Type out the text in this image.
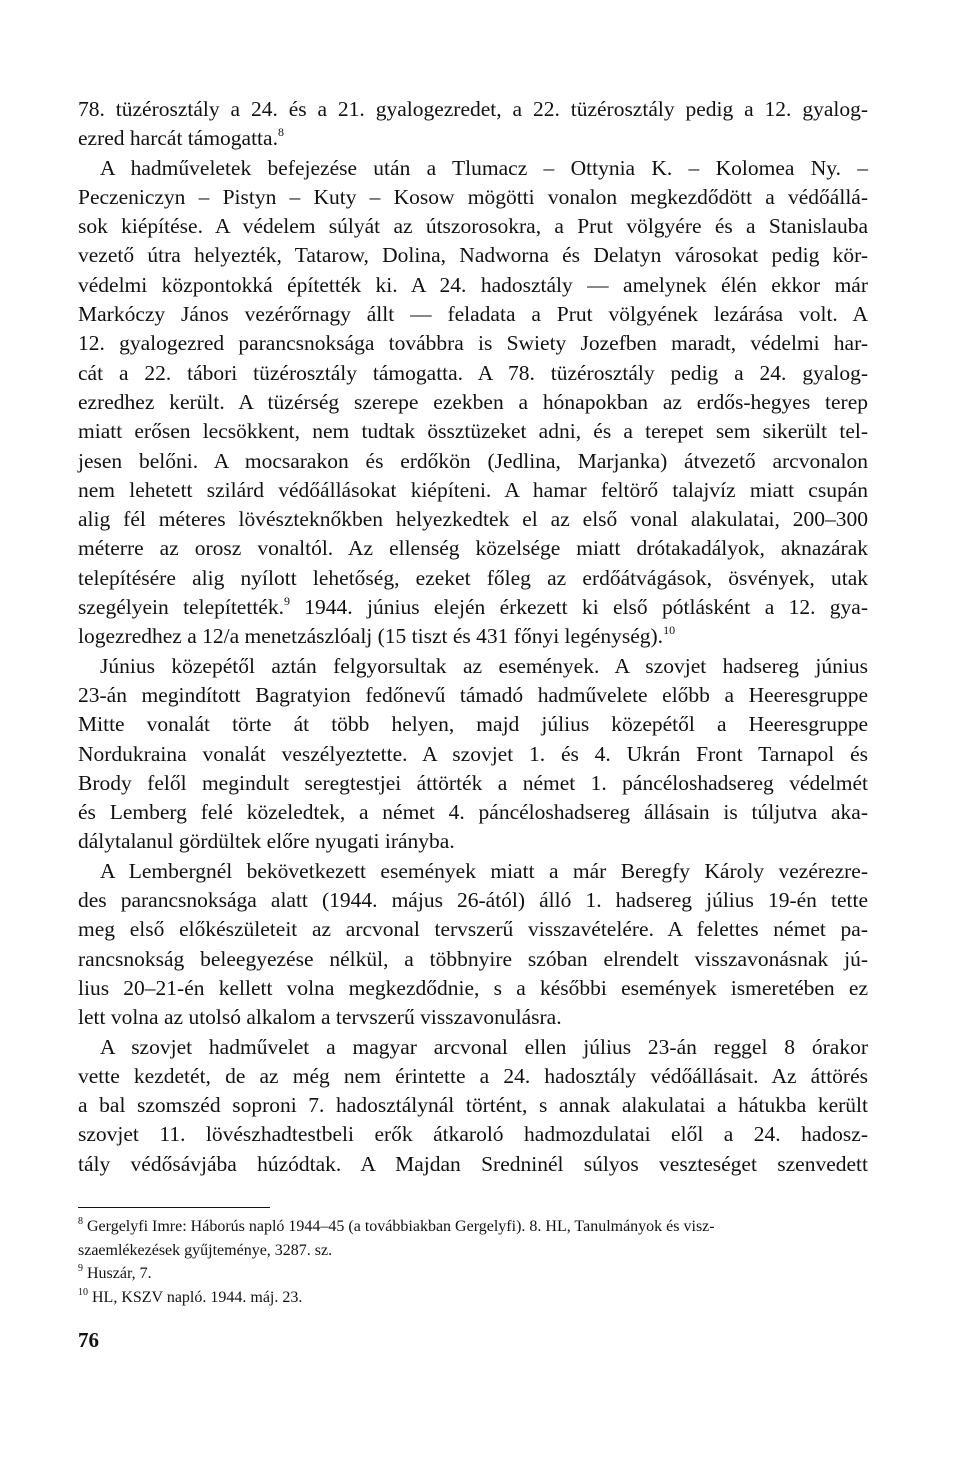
78. tüzérosztály a 24. és a 21. gyalogezredet, a 22. tüzérosztály pedig a 12. gyalog-
ezred harcát támogatta.$^8$
A hadműveletek befejezése után a Tlumacz – Ottynia K. – Kolomea Ny. –
Peczeniczyn – Pistyn – Kuty – Kosow mögötti vonalon megkezdődött a védőállá-
sok kiépítése. A védelem súlyát az útszorosokra, a Prut völgyére és a Stanislauba
vezető útra helyezték, Tatarow, Dolina, Nadworna és Delatyn városokat pedig kör-
védelmi központokká építették ki. A 24. hadosztály — amelynek élén ekkor már
Markóczy János vezérőrnagy állt — feladata a Prut völgyének lezárása volt. A
12. gyalogezred parancsnoksága továbbra is Swiety Jozefben maradt, védelmi har-
cát a 22. tábori tüzérosztály támogatta. A 78. tüzérosztály pedig a 24. gyalog-
ezredhez került. A tüzérség szerepe ezekben a hónapokban az erdős-hegyes terep
miatt erősen lecsökkent, nem tudtak össztüzeket adni, és a terepet sem sikerült tel-
jesen belőni. A mocsarakon és erdőkön (Jedlina, Marjanka) átvezető arcvonalon
nem lehetett szilárd védőállásokat kiépíteni. A hamar feltörő talajvíz miatt csupán
alig fél méteres lövészteknőkben helyezkedtek el az első vonal alakulatai, 200–300
méterre az orosz vonaltól. Az ellenség közelsége miatt drótakadályok, aknazárak
telepítésére alig nyílott lehetőség, ezeket főleg az erdőátvágások, ösvények, utak
szegélyein telepítették.$^9$ 1944. június elején érkezett ki első pótlásként a 12. gya-
logezredhez a 12/a menetzászlóalj (15 tiszt és 431 főnyi legénység).$^{10}$
Június közepétől aztán felgyorsultak az események. A szovjet hadsereg június
23-án megindított Bagratyion fedőnevű támadó hadművelete előbb a Heeresgruppe
Mitte vonalát törte át több helyen, majd július közepétől a Heeresgruppe
Nordukraina vonalát veszélyeztette. A szovjet 1. és 4. Ukrán Front Tarnapol és
Brody felől megindult seregtestjei áttörték a német 1. páncéloshadsereg védelmét
és Lemberg felé közeledtek, a német 4. páncéloshadsereg állásain is túljutva aka-
dálytalanul gördültek előre nyugati irányba.
A Lembergnél bekövetkezett események miatt a már Beregfy Károly vezérezre-
des parancsnoksága alatt (1944. május 26-ától) álló 1. hadsereg július 19-én tette
meg első előkészületeit az arcvonal tervszerű visszavételére. A felettes német pa-
rancsnokság beleegyezése nélkül, a többnyire szóban elrendelt visszavonásnak jú-
lius 20–21-én kellett volna megkezdődnie, s a későbbi események ismeretében ez
lett volna az utolsó alkalom a tervszerű visszavonulásra.
A szovjet hadművelet a magyar arcvonal ellen július 23-án reggel 8 órakor
vette kezdetét, de az még nem érintette a 24. hadosztály védőállásait. Az áttörés
a bal szomszéd soproni 7. hadosztálynál történt, s annak alakulatai a hátukba került
szovjet 11. lövészhadtestbeli erők átkaroló hadmozdulatai elől a 24. hadosz-
tály védősávjába húzódtak. A Majdan Sredninél súlyos veszteséget szenvedett
$^8$ Gergelyfi Imre: Háborús napló 1944–45 (a továbbiakban Gergelyfi). 8. HL, Tanulmányok és visz-
szaemlékezések gyűjteménye, 3287. sz.
$^9$ Huszár, 7.
$^{10}$ HL, KSZV napló. 1944. máj. 23.
76
